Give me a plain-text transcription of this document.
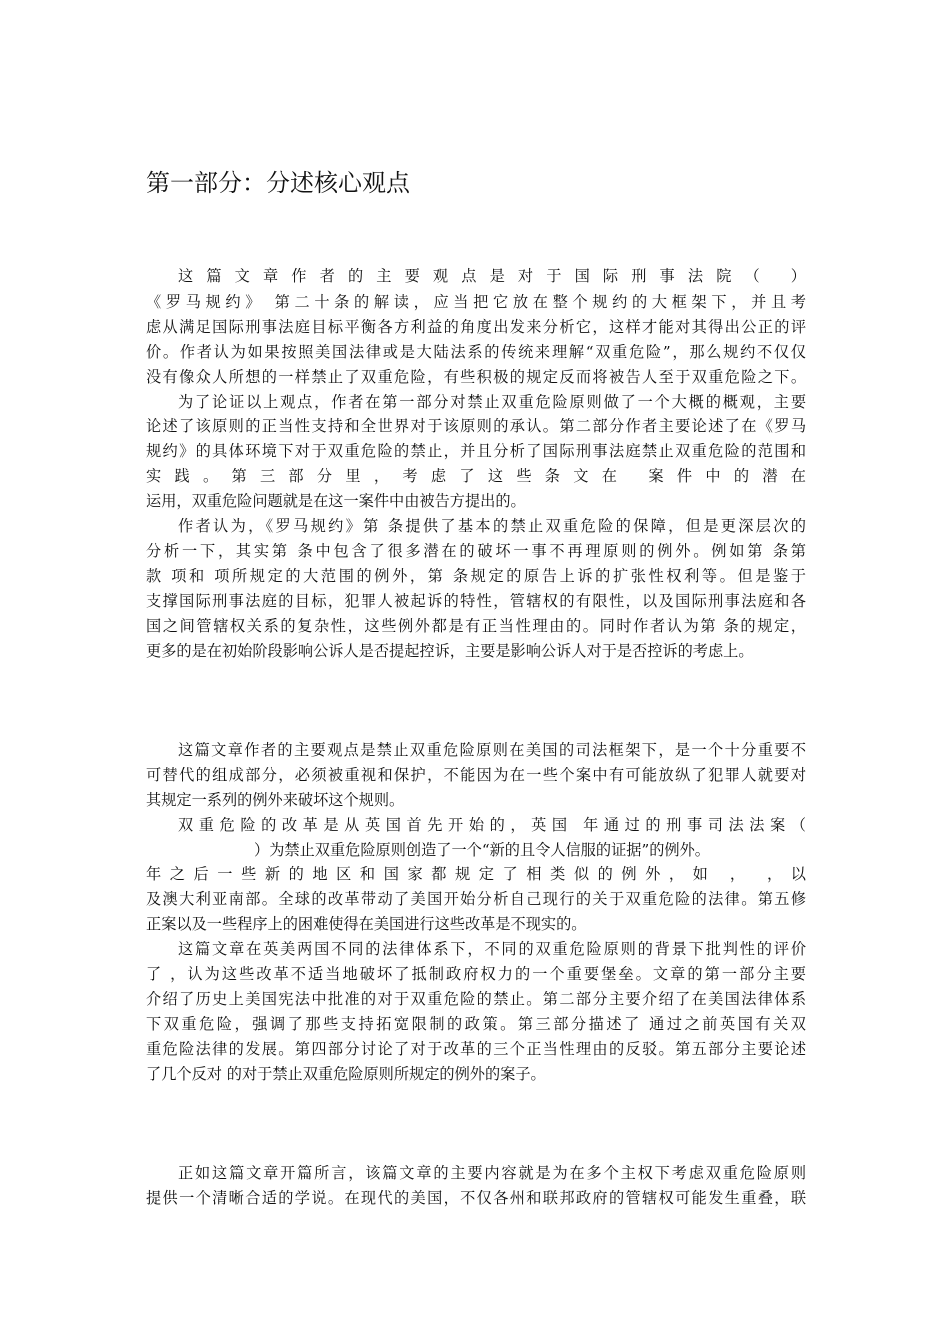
第一部分：分述核心观点
这篇文章作者的主要观点是对于国际刑事法院（ ）
《罗马规约》 第二十条的解读，应当把它放在整个规约的大框架下，并且考
虑从满足国际刑事法庭目标平衡各方利益的角度出发来分析它，这样才能对其得出公正的评
价。作者认为如果按照美国法律或是大陆法系的传统来理解“双重危险”，那么规约不仅仅
没有像众人所想的一样禁止了双重危险，有些积极的规定反而将被告人至于双重危险之下。
为了论证以上观点，作者在第一部分对禁止双重危险原则做了一个大概的概观，主要
论述了该原则的正当性支持和全世界对于该原则的承认。第二部分作者主要论述了在《罗马
规约》的具体环境下对于双重危险的禁止，并且分析了国际刑事法庭禁止双重危险的范围和
实践。第三部分里，考虑了这些条文在 案件中的潜在
运用，双重危险问题就是在这一案件中由被告方提出的。
作者认为，《罗马规约》第 条提供了基本的禁止双重危险的保障，但是更深层次的
分析一下，其实第 条中包含了很多潜在的破坏一事不再理原则的例外。例如第 条第
款 项和 项所规定的大范围的例外，第 条规定的原告上诉的扩张性权利等。但是鉴于
支撑国际刑事法庭的目标，犯罪人被起诉的特性，管辖权的有限性，以及国际刑事法庭和各
国之间管辖权关系的复杂性，这些例外都是有正当性理由的。同时作者认为第 条的规定，
更多的是在初始阶段影响公诉人是否提起控诉，主要是影响公诉人对于是否控诉的考虑上。
这篇文章作者的主要观点是禁止双重危险原则在美国的司法框架下，是一个十分重要不
可替代的组成部分，必须被重视和保护，不能因为在一些个案中有可能放纵了犯罪人就要对
其规定一系列的例外来破坏这个规则。
双重危险的改革是从英国首先开始的，英国 年通过的刑事司法法案（
）为禁止双重危险原则创造了一个“新的且令人信服的证据”的例外。
年之后一些新的地区和国家都规定了相类似的例外，如 ， ，以
及澳大利亚南部。全球的改革带动了美国开始分析自己现行的关于双重危险的法律。第五修
正案以及一些程序上的困难使得在美国进行这些改革是不现实的。
这篇文章在英美两国不同的法律体系下，不同的双重危险原则的背景下批判性的评价
了 ，认为这些改革不适当地破坏了抵制政府权力的一个重要堡垒。文章的第一部分主要
介绍了历史上美国宪法中批准的对于双重危险的禁止。第二部分主要介绍了在美国法律体系
下双重危险，强调了那些支持拓宽限制的政策。第三部分描述了 通过之前英国有关双
重危险法律的发展。第四部分讨论了对于改革的三个正当性理由的反驳。第五部分主要论述
了几个反对 的对于禁止双重危险原则所规定的例外的案子。
正如这篇文章开篇所言，该篇文章的主要内容就是为在多个主权下考虑双重危险原则
提供一个清晰合适的学说。在现代的美国，不仅各州和联邦政府的管辖权可能发生重叠，联
